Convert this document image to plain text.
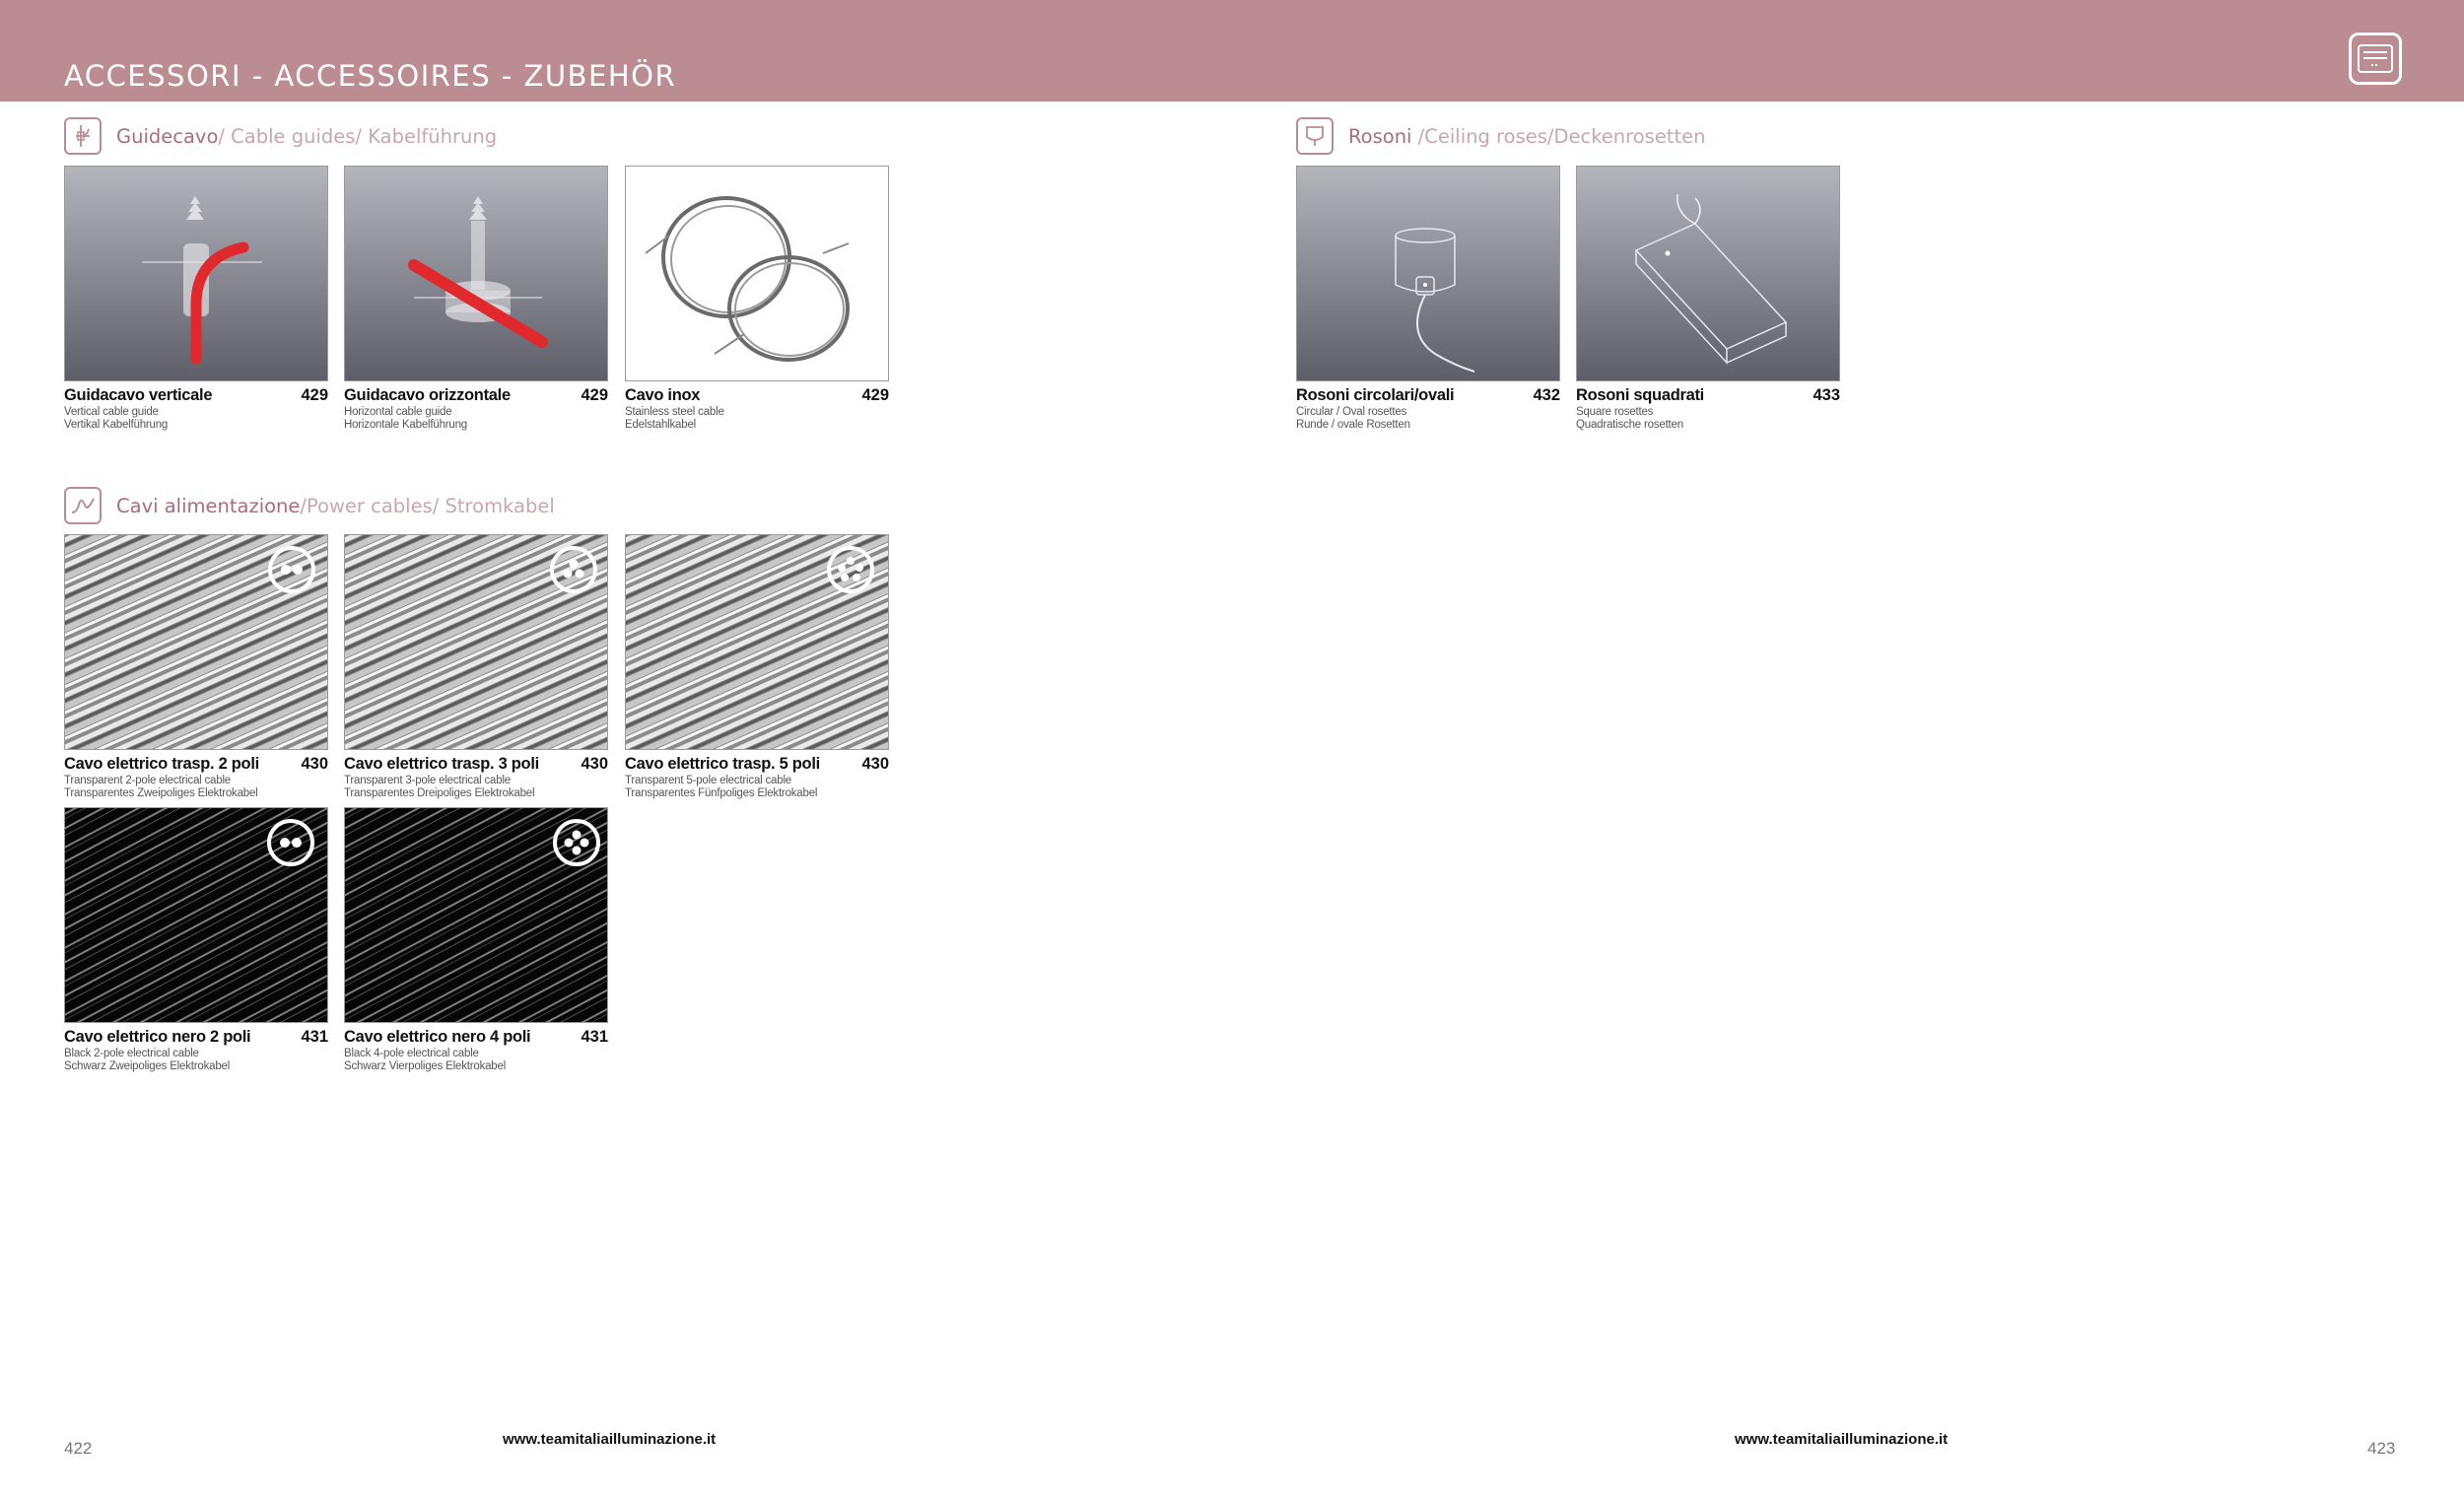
ACCESSORI - ACCESSOIRES - ZUBEHÖR
Guidecavo/ Cable guides/ Kabelführung
Guidacavo verticale	429
Vertical cable guide
Vertikal Kabelführung
Guidacavo orizzontale	429
Horizontal cable guide
Horizontale Kabelführung
Cavo inox	429
Stainless steel cable
Edelstahlkabel
Cavi alimentazione/Power cables/ Stromkabel
Cavo elettrico trasp. 2 poli	430
Transparent 2-pole electrical cable
Transparentes Zweipoliges Elektrokabel
Cavo elettrico trasp. 3 poli	430
Transparent 3-pole electrical cable
Transparentes Dreipoliges Elektrokabel
Cavo elettrico trasp. 5 poli	430
Transparent 5-pole electrical cable
Transparentes Fünfpoliges Elektrokabel
Cavo elettrico nero 2 poli	431
Black 2-pole electrical cable
Schwarz Zweipoliges Elektrokabel
Cavo elettrico nero 4 poli	431
Black 4-pole electrical cable
Schwarz Vierpoliges Elektrokabel
Rosoni /Ceiling roses/Deckenrosetten
Rosoni circolari/ovali	432
Circular / Oval rosettes
Runde / ovale Rosetten
Rosoni squadrati	433
Square rosettes
Quadratische rosetten
422	www.teamitaliailluminazione.it	www.teamitaliailluminazione.it	423
